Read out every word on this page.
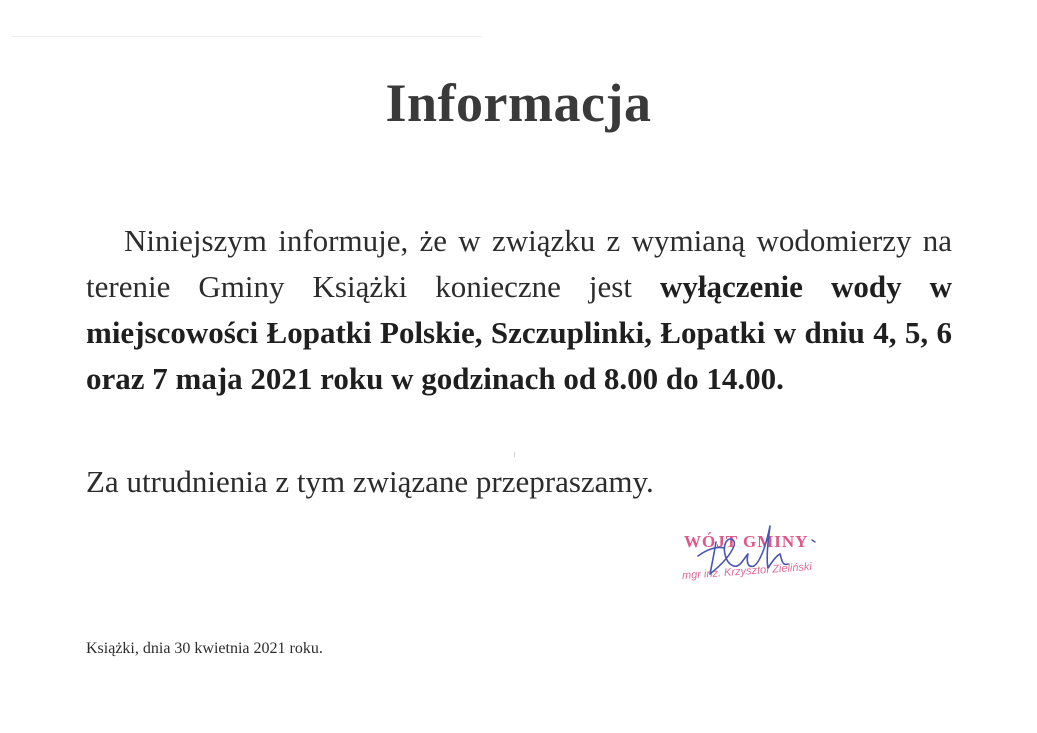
Informacja
Niniejszym informuje, że w związku z wymianą wodomierzy na terenie Gminy Książki konieczne jest wyłączenie wody w miejscowości Łopatki Polskie, Szczuplinki, Łopatki w dniu 4, 5, 6 oraz 7 maja 2021 roku w godzinach od 8.00 do 14.00.
Za utrudnienia z tym związane przepraszamy.
WÓJT GMINY
mgr inż. Krzysztof Zieliński
Książki, dnia 30 kwietnia 2021 roku.
